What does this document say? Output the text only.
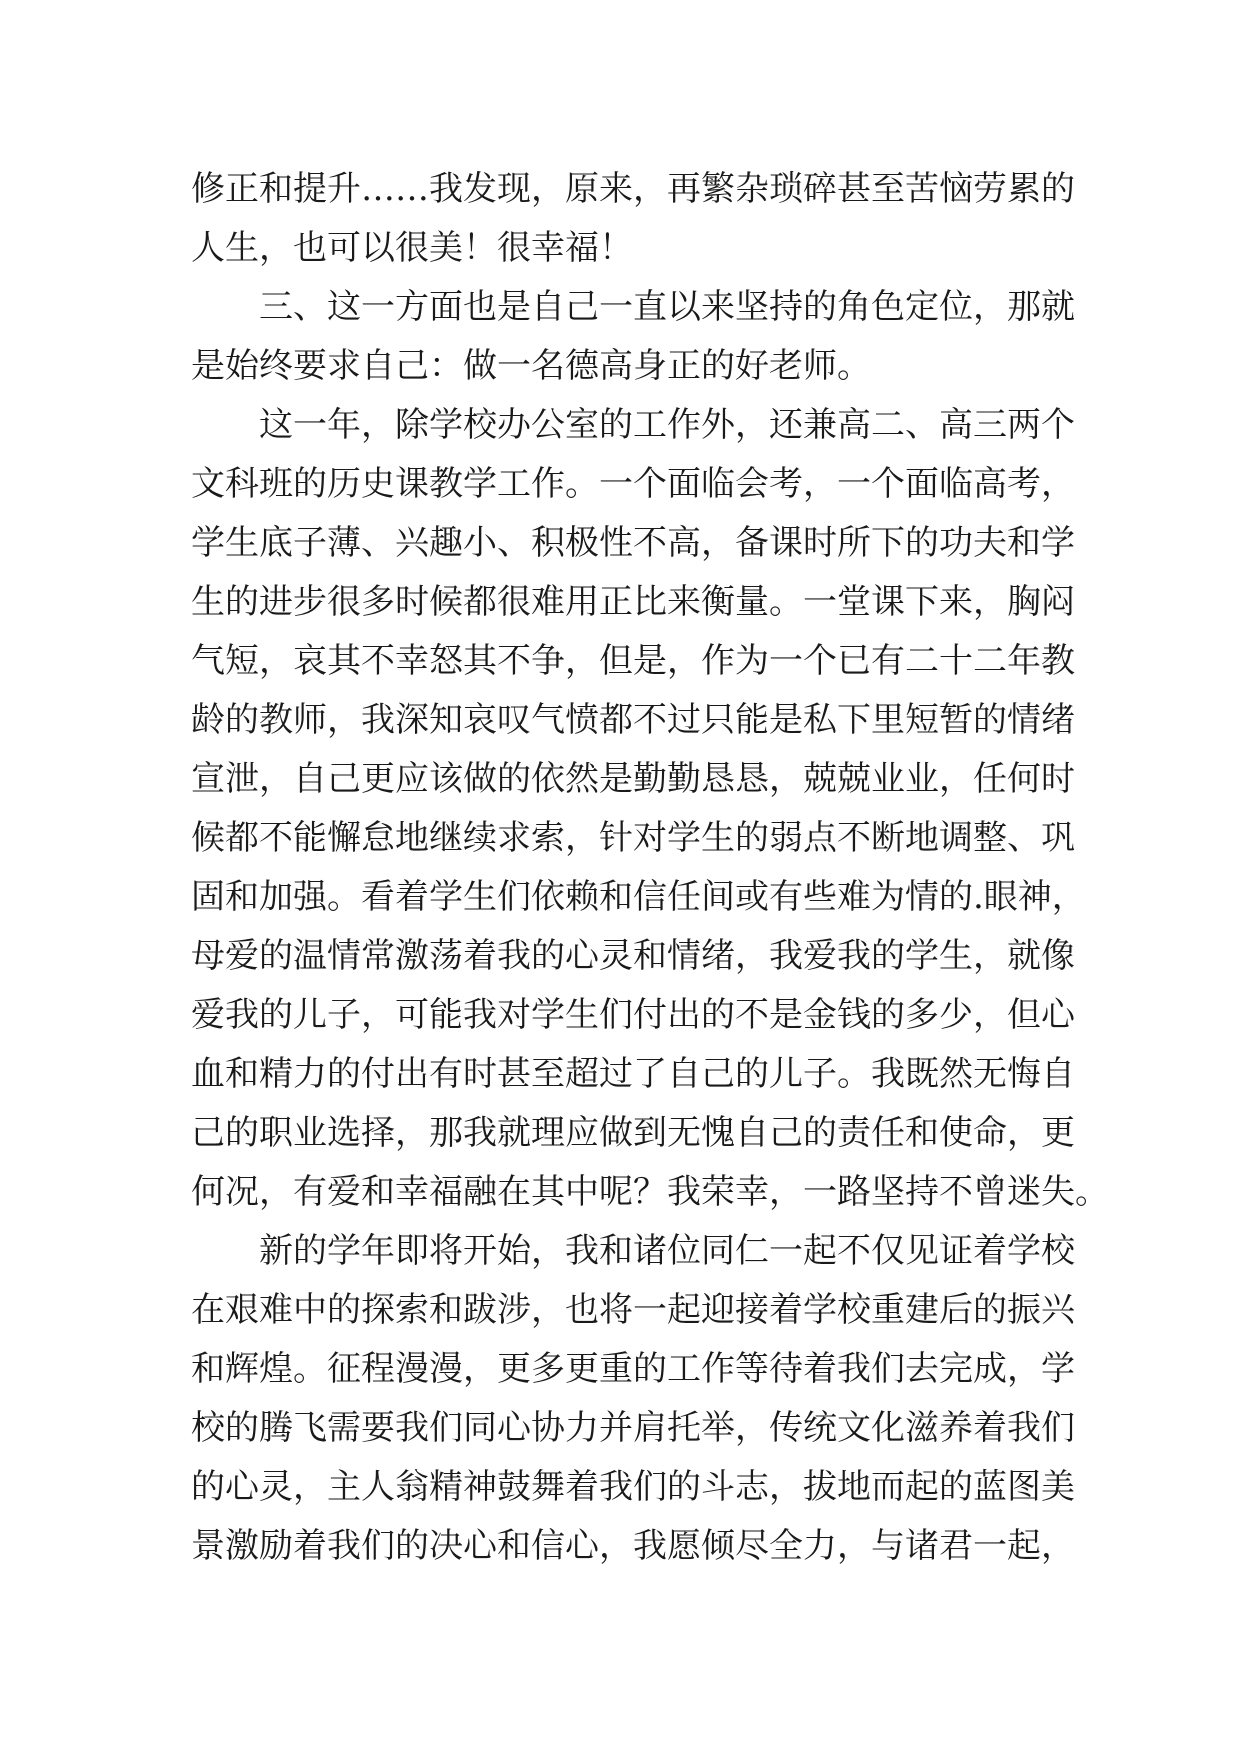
修正和提升……我发现，原来，再繁杂琐碎甚至苦恼劳累的
人生，也可以很美！很幸福！
三、这一方面也是自己一直以来坚持的角色定位，那就
是始终要求自己：做一名德高身正的好老师。
这一年，除学校办公室的工作外，还兼高二、高三两个
文科班的历史课教学工作。一个面临会考，一个面临高考，
学生底子薄、兴趣小、积极性不高，备课时所下的功夫和学
生的进步很多时候都很难用正比来衡量。一堂课下来，胸闷
气短，哀其不幸怒其不争，但是，作为一个已有二十二年教
龄的教师，我深知哀叹气愤都不过只能是私下里短暂的情绪
宣泄，自己更应该做的依然是勤勤恳恳，兢兢业业，任何时
候都不能懈怠地继续求索，针对学生的弱点不断地调整、巩
固和加强。看着学生们依赖和信任间或有些难为情的.眼神，
母爱的温情常激荡着我的心灵和情绪，我爱我的学生，就像
爱我的儿子，可能我对学生们付出的不是金钱的多少，但心
血和精力的付出有时甚至超过了自己的儿子。我既然无悔自
己的职业选择，那我就理应做到无愧自己的责任和使命，更
何况，有爱和幸福融在其中呢？我荣幸，一路坚持不曾迷失。
新的学年即将开始，我和诸位同仁一起不仅见证着学校
在艰难中的探索和跋涉，也将一起迎接着学校重建后的振兴
和辉煌。征程漫漫，更多更重的工作等待着我们去完成，学
校的腾飞需要我们同心协力并肩托举，传统文化滋养着我们
的心灵，主人翁精神鼓舞着我们的斗志，拔地而起的蓝图美
景激励着我们的决心和信心，我愿倾尽全力，与诸君一起，
